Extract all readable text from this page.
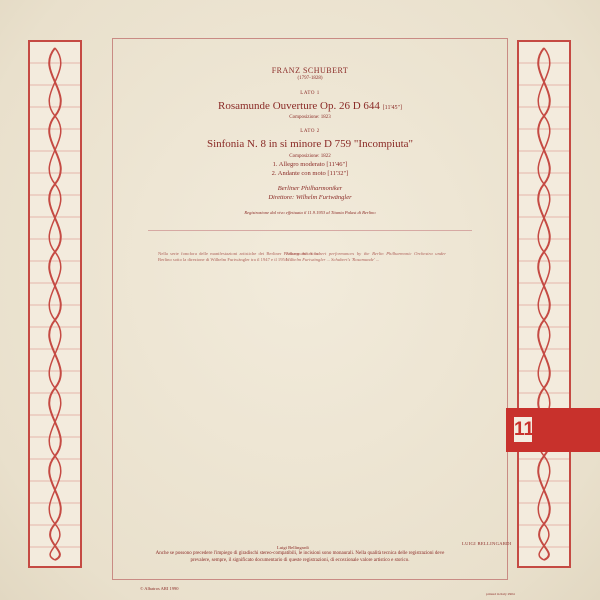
FRANZ SCHUBERT
(1797-1828)
LATO 1
Rosamunde Ouverture Op. 26 D 644 [11'45"]
Composizione: 1823
LATO 2
Sinfonia N. 8 in si minore D 759 "Incompiuta"
Composizione: 1822
1. Allegro moderato [11'46"]
2. Andante con moto [11'32"]
Berliner Philharmoniker
Direttore: Wilhelm Furtwängler
Registrazione dal vivo effettuata il 11.9.1953 al Titania Palast di Berlino
Nella serie fonofora delle manifestazioni artistiche dei Berliner Philharmoniker in Berlino sotto la direzione di Wilhelm Furtwängler tra il 1947 e il 1954 ...
Among the Schubert performances by the Berlin Philharmonic Orchestra under Wilhelm Furtwängler ... Schubert's 'Rosamunde' ...
Luigi Bellingardi
LUIGI BELLINGARDI
Anche se possono precedere l'impiego di giradischi stereo-compatibili, le incisioni sono monaurali. Nella qualità tecnica delle registrazioni deve prevalere, sempre, il significato documentario di queste registrazioni, di eccezionale valore artistico e storico.
© Albatros ARI 1990
printed in Italy 2904
11
